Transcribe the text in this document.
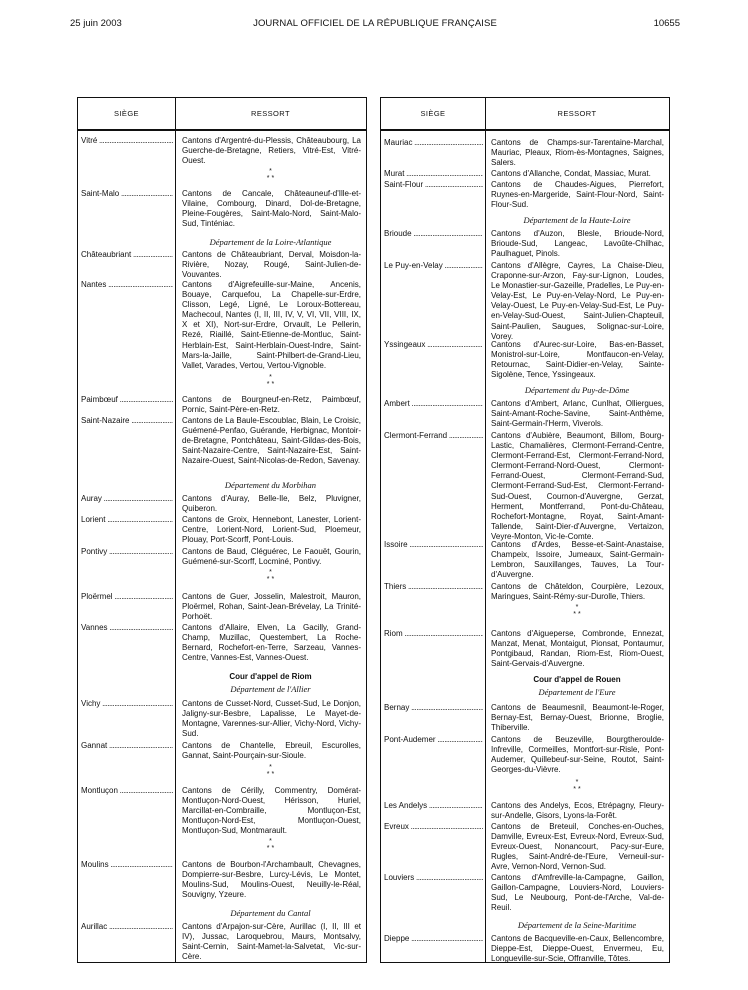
25 juin 2003	JOURNAL OFFICIEL DE LA RÉPUBLIQUE FRANÇAISE	10655
SIÈGE	RESSORT
Vitré .....	Cantons d'Argentré-du-Plessis, Châteaubourg, La Guerche-de-Bretagne, Retiers, Vitré-Est, Vitré-Ouest.
*
* *
Saint-Malo .....	Cantons de Cancale, Châteauneuf-d'Ille-et-Vilaine, Combourg, Dinard, Dol-de-Bretagne, Pleine-Fougères, Saint-Malo-Nord, Saint-Malo-Sud, Tinténiac.
Département de la Loire-Atlantique
Châteaubriant .....	Cantons de Châteaubriant, Derval, Moisdon-la-Rivière, Nozay, Rougé, Saint-Julien-de-Vouvantes.
Nantes .....	Cantons d'Aigrefeuille-sur-Maine, Ancenis, Bouaye, Carquefou, La Chapelle-sur-Erdre, Clisson, Legé, Ligné, Le Loroux-Bottereau, Machecoul, Nantes (I, II, III, IV, V, VI, VII, VIII, IX, X et XI), Nort-sur-Erdre, Orvault, Le Pellerin, Rezé, Riaillé, Saint-Etienne-de-Montluc, Saint-Herblain-Est, Saint-Herblain-Ouest-Indre, Saint-Mars-la-Jaille, Saint-Philbert-de-Grand-Lieu, Vallet, Varades, Vertou, Vertou-Vignoble.
*
* *
Paimbœuf .....	Cantons de Bourgneuf-en-Retz, Paimbœuf, Pornic, Saint-Père-en-Retz.
Saint-Nazaire .....	Cantons de La Baule-Escoublac, Blain, Le Croisic, Guémené-Penfao, Guérande, Herbignac, Montoir-de-Bretagne, Pontchâteau, Saint-Gildas-des-Bois, Saint-Nazaire-Centre, Saint-Nazaire-Est, Saint-Nazaire-Ouest, Saint-Nicolas-de-Redon, Savenay.
Département du Morbihan
Auray .....	Cantons d'Auray, Belle-Ile, Belz, Pluvigner, Quiberon.
Lorient .....	Cantons de Groix, Hennebont, Lanester, Lorient-Centre, Lorient-Nord, Lorient-Sud, Ploemeur, Plouay, Port-Scorff, Pont-Louis.
Pontivy .....	Cantons de Baud, Cléguérec, Le Faouët, Gourin, Guémené-sur-Scorff, Locminé, Pontivy.
*
* *
Ploërmel .....	Cantons de Guer, Josselin, Malestroit, Mauron, Ploërmel, Rohan, Saint-Jean-Brévelay, La Trinité-Porhoët.
Vannes .....	Cantons d'Allaire, Elven, La Gacilly, Grand-Champ, Muzillac, Questembert, La Roche-Bernard, Rochefort-en-Terre, Sarzeau, Vannes-Centre, Vannes-Est, Vannes-Ouest.
Cour d'appel de Riom
Département de l'Allier
Vichy .....	Cantons de Cusset-Nord, Cusset-Sud, Le Donjon, Jaligny-sur-Besbre, Lapalisse, Le Mayet-de-Montagne, Varennes-sur-Allier, Vichy-Nord, Vichy-Sud.
Gannat .....	Cantons de Chantelle, Ebreuil, Escurolles, Gannat, Saint-Pourçain-sur-Sioule.
*
* *
Montluçon .....	Cantons de Cérilly, Commentry, Domérat-Montluçon-Nord-Ouest, Hérisson, Huriel, Marcillat-en-Combraille, Montluçon-Est, Montluçon-Nord-Est, Montluçon-Ouest, Montluçon-Sud, Montmarault.
*
* *
Moulins .....	Cantons de Bourbon-l'Archambault, Chevagnes, Dompierre-sur-Besbre, Lurcy-Lévis, Le Montet, Moulins-Sud, Moulins-Ouest, Neuilly-le-Réal, Souvigny, Yzeure.
Département du Cantal
Aurillac .....	Cantons d'Arpajon-sur-Cère, Aurillac (I, II, III et IV), Jussac, Laroquebrou, Maurs, Montsalvy, Saint-Cernin, Saint-Mamet-la-Salvetat, Vic-sur-Cère.
SIÈGE	RESSORT
Mauriac .....	Cantons de Champs-sur-Tarentaine-Marchal, Mauriac, Pleaux, Riom-ès-Montagnes, Saignes, Salers.
Murat .....	Cantons d'Allanche, Condat, Massiac, Murat.
Saint-Flour .....	Cantons de Chaudes-Aigues, Pierrefort, Ruynes-en-Margeride, Saint-Flour-Nord, Saint-Flour-Sud.
Département de la Haute-Loire
Brioude .....	Cantons d'Auzon, Blesle, Brioude-Nord, Brioude-Sud, Langeac, Lavoûte-Chilhac, Paulhaguet, Pinols.
Le Puy-en-Velay .....	Cantons d'Allègre, Cayres, La Chaise-Dieu, Craponne-sur-Arzon, Fay-sur-Lignon, Loudes, Le Monastier-sur-Gazeille, Pradelles, Le Puy-en-Velay-Est, Le Puy-en-Velay-Nord, Le Puy-en-Velay-Ouest, Le Puy-en-Velay-Sud-Est, Le Puy-en-Velay-Sud-Ouest, Saint-Julien-Chapteuil, Saint-Paulien, Saugues, Solignac-sur-Loire, Vorey.
Yssingeaux .....	Cantons d'Aurec-sur-Loire, Bas-en-Basset, Monistrol-sur-Loire, Montfaucon-en-Velay, Retournac, Saint-Didier-en-Velay, Sainte-Sigolène, Tence, Yssingeaux.
Département du Puy-de-Dôme
Ambert .....	Cantons d'Ambert, Arlanc, Cunlhat, Olliergues, Saint-Amant-Roche-Savine, Saint-Anthème, Saint-Germain-l'Herm, Viverols.
Clermont-Ferrand .....	Cantons d'Aubière, Beaumont, Billom, Bourg-Lastic, Chamalières, Clermont-Ferrand-Centre, Clermont-Ferrand-Est, Clermont-Ferrand-Nord, Clermont-Ferrand-Nord-Ouest, Clermont-Ferrand-Ouest, Clermont-Ferrand-Sud, Clermont-Ferrand-Sud-Est, Clermont-Ferrand-Sud-Ouest, Cournon-d'Auvergne, Gerzat, Herment, Montferrand, Pont-du-Château, Rochefort-Montagne, Royat, Saint-Amant-Tallende, Saint-Dier-d'Auvergne, Vertaizon, Veyre-Monton, Vic-le-Comte.
Issoire .....	Cantons d'Ardes, Besse-et-Saint-Anastaise, Champeix, Issoire, Jumeaux, Saint-Germain-Lembron, Sauxillanges, Tauves, La Tour-d'Auvergne.
Thiers .....	Cantons de Châteldon, Courpière, Lezoux, Maringues, Saint-Rémy-sur-Durolle, Thiers.
*
* *
Riom .....	Cantons d'Aigueperse, Combronde, Ennezat, Manzat, Menat, Montaigut, Pionsat, Pontaumur, Pontgibaud, Randan, Riom-Est, Riom-Ouest, Saint-Gervais-d'Auvergne.
Cour d'appel de Rouen
Département de l'Eure
Bernay .....	Cantons de Beaumesnil, Beaumont-le-Roger, Bernay-Est, Bernay-Ouest, Brionne, Broglie, Thiberville.
Pont-Audemer .....	Cantons de Beuzeville, Bourgtheroulde-Infreville, Cormeilles, Montfort-sur-Risle, Pont-Audemer, Quillebeuf-sur-Seine, Routot, Saint-Georges-du-Vièvre.
*
* *
Les Andelys .....	Cantons des Andelys, Ecos, Etrépagny, Fleury-sur-Andelle, Gisors, Lyons-la-Forêt.
Evreux .....	Cantons de Breteuil, Conches-en-Ouches, Damville, Evreux-Est, Evreux-Nord, Evreux-Sud, Evreux-Ouest, Nonancourt, Pacy-sur-Eure, Rugles, Saint-André-de-l'Eure, Verneuil-sur-Avre, Vernon-Nord, Vernon-Sud.
Louviers .....	Cantons d'Amfreville-la-Campagne, Gaillon, Gaillon-Campagne, Louviers-Nord, Louviers-Sud, Le Neubourg, Pont-de-l'Arche, Val-de-Reuil.
Département de la Seine-Maritime
Dieppe .....	Cantons de Bacqueville-en-Caux, Bellencombre, Dieppe-Est, Dieppe-Ouest, Envermeu, Eu, Longueville-sur-Scie, Offranville, Tôtes.
